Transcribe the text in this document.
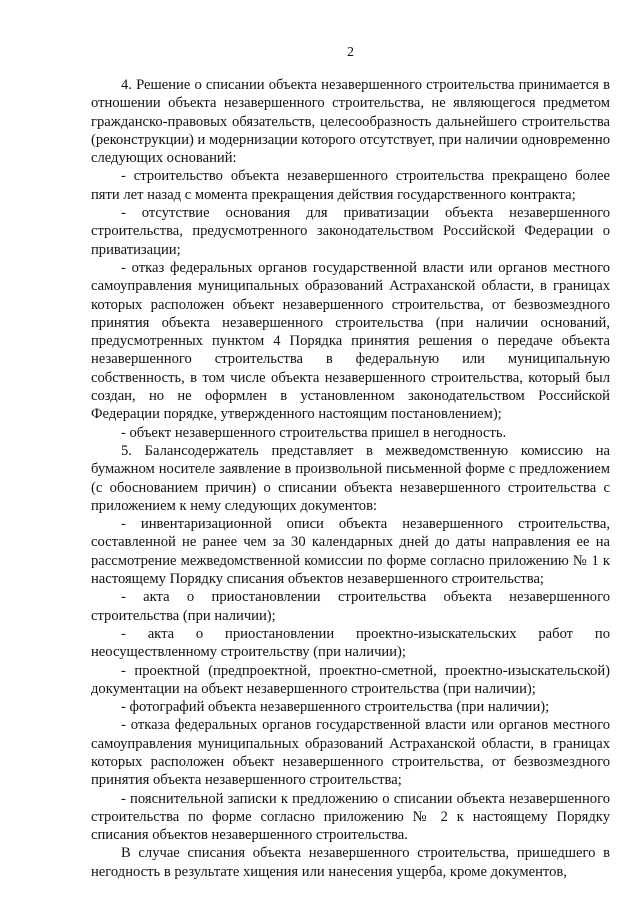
2

4. Решение о списании объекта незавершенного строительства принимается в отношении объекта незавершенного строительства, не являющегося предметом гражданско-правовых обязательств, целесообразность дальнейшего строительства (реконструкции) и модернизации которого отсутствует, при наличии одновременно следующих оснований:

- строительство объекта незавершенного строительства прекращено более пяти лет назад с момента прекращения действия государственного контракта;

- отсутствие основания для приватизации объекта незавершенного строительства, предусмотренного законодательством Российской Федерации о приватизации;

- отказ федеральных органов государственной власти или органов местного самоуправления муниципальных образований Астраханской области, в границах которых расположен объект незавершенного строительства, от безвозмездного принятия объекта незавершенного строительства (при наличии оснований, предусмотренных пунктом 4 Порядка принятия решения о передаче объекта незавершенного строительства в федеральную или муниципальную собственность, в том числе объекта незавершенного строительства, который был создан, но не оформлен в установленном законодательством Российской Федерации порядке, утвержденного настоящим постановлением);

- объект незавершенного строительства пришел в негодность.

5. Балансодержатель представляет в межведомственную комиссию на бумажном носителе заявление в произвольной письменной форме с предложением (с обоснованием причин) о списании объекта незавершенного строительства с приложением к нему следующих документов:

- инвентаризационной описи объекта незавершенного строительства, составленной не ранее чем за 30 календарных дней до даты направления ее на рассмотрение межведомственной комиссии по форме согласно приложению № 1 к настоящему Порядку списания объектов незавершенного строительства;

- акта о приостановлении строительства объекта незавершенного строительства (при наличии);

- акта о приостановлении проектно-изыскательских работ по неосуществленному строительству (при наличии);

- проектной (предпроектной, проектно-сметной, проектно-изыскательской) документации на объект незавершенного строительства (при наличии);

- фотографий объекта незавершенного строительства (при наличии);

- отказа федеральных органов государственной власти или органов местного самоуправления муниципальных образований Астраханской области, в границах которых расположен объект незавершенного строительства, от безвозмездного принятия объекта незавершенного строительства;

- пояснительной записки к предложению о списании объекта незавершенного строительства по форме согласно приложению № 2 к настоящему Порядку списания объектов незавершенного строительства.

В случае списания объекта незавершенного строительства, пришедшего в негодность в результате хищения или нанесения ущерба, кроме документов,
